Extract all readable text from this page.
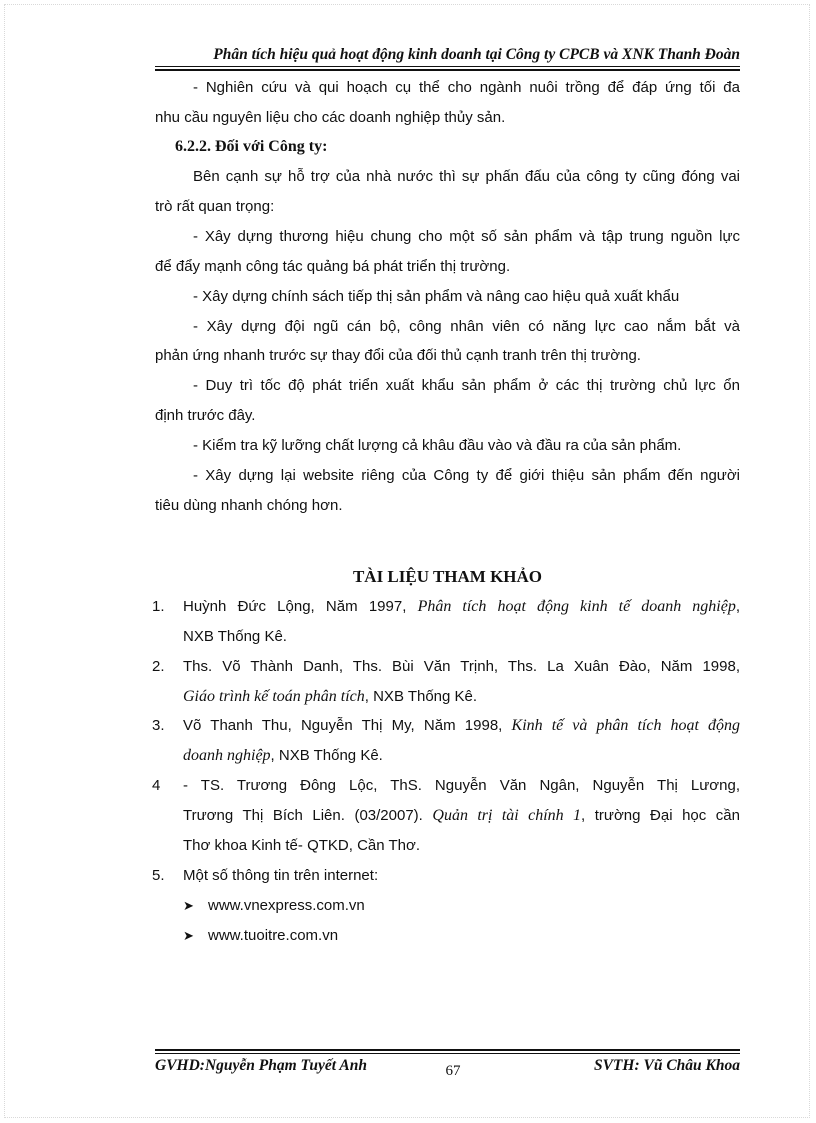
Phân tích hiệu quả hoạt động kinh doanh tại Công ty CPCB và XNK Thanh Đoàn
- Nghiên cứu và qui hoạch cụ thể cho ngành nuôi trồng để đáp ứng tối đa
nhu cầu nguyên liệu cho các doanh nghiệp thủy sản.
6.2.2. Đối với Công ty:
Bên cạnh sự hỗ trợ của nhà nước thì sự phấn đấu của công ty cũng đóng vai
trò rất quan trọng:
- Xây dựng thương hiệu chung cho một số sản phẩm và tập trung nguồn lực
để đẩy mạnh công tác quảng bá phát triển thị trường.
- Xây dựng chính sách tiếp thị sản phẩm và nâng cao hiệu quả xuất khẩu
- Xây dựng đội ngũ cán bộ, công nhân viên có năng lực cao nắm bắt và
phản ứng nhanh trước sự thay đổi của đối thủ cạnh tranh trên thị trường.
- Duy trì tốc độ phát triển xuất khẩu sản phẩm ở các thị trường chủ lực ổn
định trước đây.
- Kiểm tra kỹ lưỡng chất lượng cả khâu đầu vào và đầu ra của sản phẩm.
- Xây dựng lại website riêng của Công ty để giới thiệu sản phẩm đến người
tiêu dùng nhanh chóng hơn.
TÀI LIỆU THAM KHẢO
1.	Huỳnh Đức Lộng, Năm 1997, Phân tích hoạt động kinh tế doanh nghiệp,
NXB Thống Kê.
2.	Ths. Võ Thành Danh, Ths. Bùi Văn Trịnh, Ths. La Xuân Đào, Năm 1998,
Giáo trình kế toán phân tích, NXB Thống Kê.
3.	Võ Thanh Thu, Nguyễn Thị My, Năm 1998, Kinh tế và phân tích hoạt động
doanh nghiệp, NXB Thống Kê.
4	- TS. Trương Đông Lộc, ThS. Nguyễn Văn Ngân, Nguyễn Thị Lương,
Trương Thị Bích Liên. (03/2007). Quản trị tài chính 1, trường Đại học cần
Thơ khoa Kinh tế- QTKD, Cần Thơ.
5.	Một số thông tin trên internet:
➤ www.vnexpress.com.vn
➤ www.tuoitre.com.vn
GVHD:Nguyễn Phạm Tuyết Anh	67	SVTH: Vũ Châu Khoa
